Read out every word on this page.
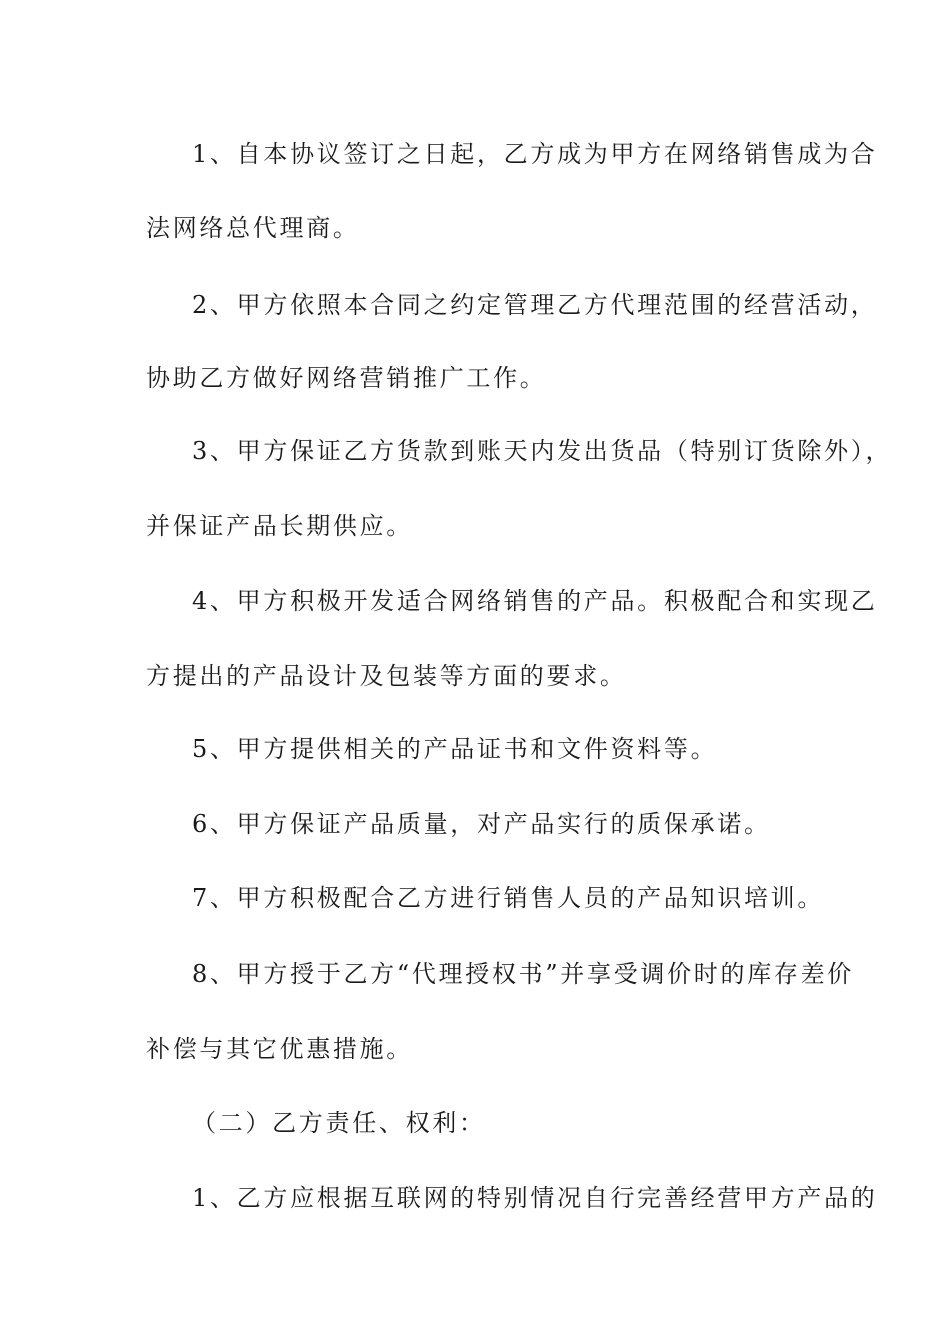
1、自本协议签订之日起，乙方成为甲方在网络销售成为合
法网络总代理商。
2、甲方依照本合同之约定管理乙方代理范围的经营活动，
协助乙方做好网络营销推广工作。
3、甲方保证乙方货款到账天内发出货品（特别订货除外），
并保证产品长期供应。
4、甲方积极开发适合网络销售的产品。积极配合和实现乙
方提出的产品设计及包装等方面的要求。
5、甲方提供相关的产品证书和文件资料等。
6、甲方保证产品质量，对产品实行的质保承诺。
7、甲方积极配合乙方进行销售人员的产品知识培训。
8、甲方授于乙方“代理授权书”并享受调价时的库存差价
补偿与其它优惠措施。
（二）乙方责任、权利：
1、乙方应根据互联网的特别情况自行完善经营甲方产品的
